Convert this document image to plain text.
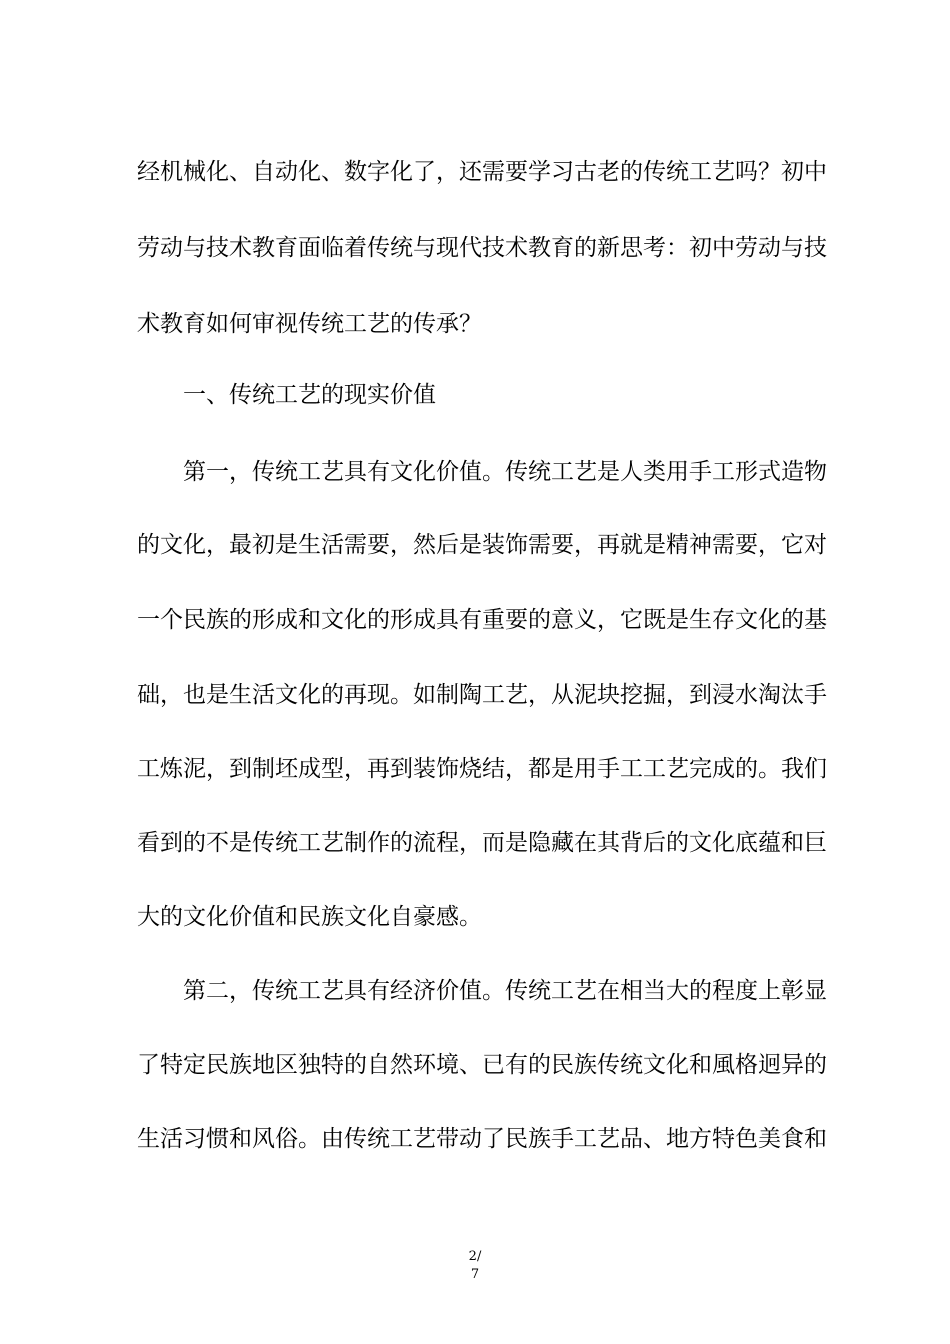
经机械化、自动化、数字化了，还需要学习古老的传统工艺吗？初中
劳动与技术教育面临着传统与现代技术教育的新思考：初中劳动与技
术教育如何审视传统工艺的传承？
一、传统工艺的现实价值
第一，传统工艺具有文化价值。传统工艺是人类用手工形式造物
的文化，最初是生活需要，然后是装饰需要，再就是精神需要，它对
一个民族的形成和文化的形成具有重要的意义，它既是生存文化的基
础，也是生活文化的再现。如制陶工艺，从泥块挖掘，到浸水淘汰手
工炼泥，到制坯成型，再到装饰烧结，都是用手工工艺完成的。我们
看到的不是传统工艺制作的流程，而是隐藏在其背后的文化底蕴和巨
大的文化价值和民族文化自豪感。
第二，传统工艺具有经济价值。传统工艺在相当大的程度上彰显
了特定民族地区独特的自然环境、已有的民族传统文化和風格迥异的
生活习惯和风俗。由传统工艺带动了民族手工艺品、地方特色美食和
2/
7
